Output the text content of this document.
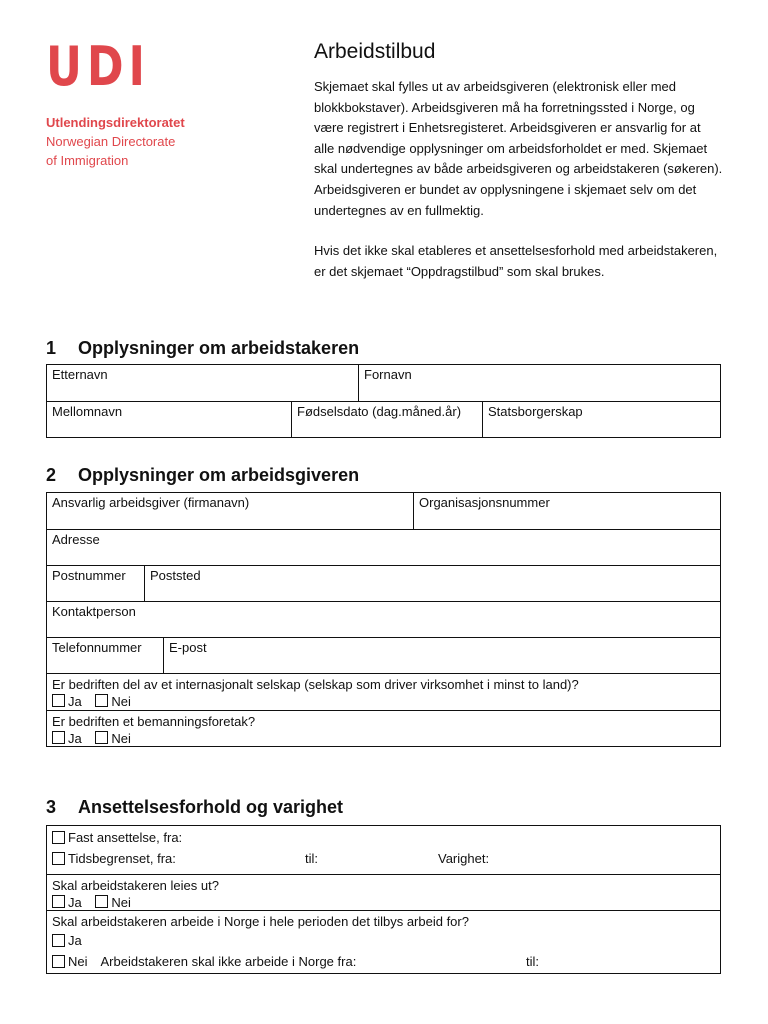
UDI
Utlendingsdirektoratet
Norwegian Directorate
of Immigration
Arbeidstilbud

Skjemaet skal fylles ut av arbeidsgiveren (elektronisk eller med blokkbokstaver). Arbeidsgiveren må ha forretningssted i Norge, og være registrert i Enhetsregisteret. Arbeidsgiveren er ansvarlig for at alle nødvendige opplysninger om arbeidsforholdet er med. Skjemaet skal undertegnes av både arbeidsgiveren og arbeidstakeren (søkeren). Arbeidsgiveren er bundet av opplysningene i skjemaet selv om det undertegnes av en fullmektig.

Hvis det ikke skal etableres et ansettelsesforhold med arbeidstakeren, er det skjemaet “Oppdragstilbud” som skal brukes.

1 Opplysninger om arbeidstakeren
Etternavn	Fornavn
Mellomnavn	Fødselsdato (dag.måned.år)	Statsborgerskap
2 Opplysninger om arbeidsgiveren
Ansvarlig arbeidsgiver (firmanavn)	Organisasjonsnummer
Adresse
Postnummer	Poststed
Kontaktperson
Telefonnummer	E-post
Er bedriften del av et internasjonalt selskap (selskap som driver virksomhet i minst to land)?
Ja Nei
Er bedriften et bemanningsforetak?
Ja Nei
3 Ansettelsesforhold og varighet
Fast ansettelse, fra:
Tidsbegrenset, fra:	til:	Varighet:
Skal arbeidstakeren leies ut?
Ja Nei
Skal arbeidstakeren arbeide i Norge i hele perioden det tilbys arbeid for?
Ja
Nei Arbeidstakeren skal ikke arbeide i Norge fra:	til:
